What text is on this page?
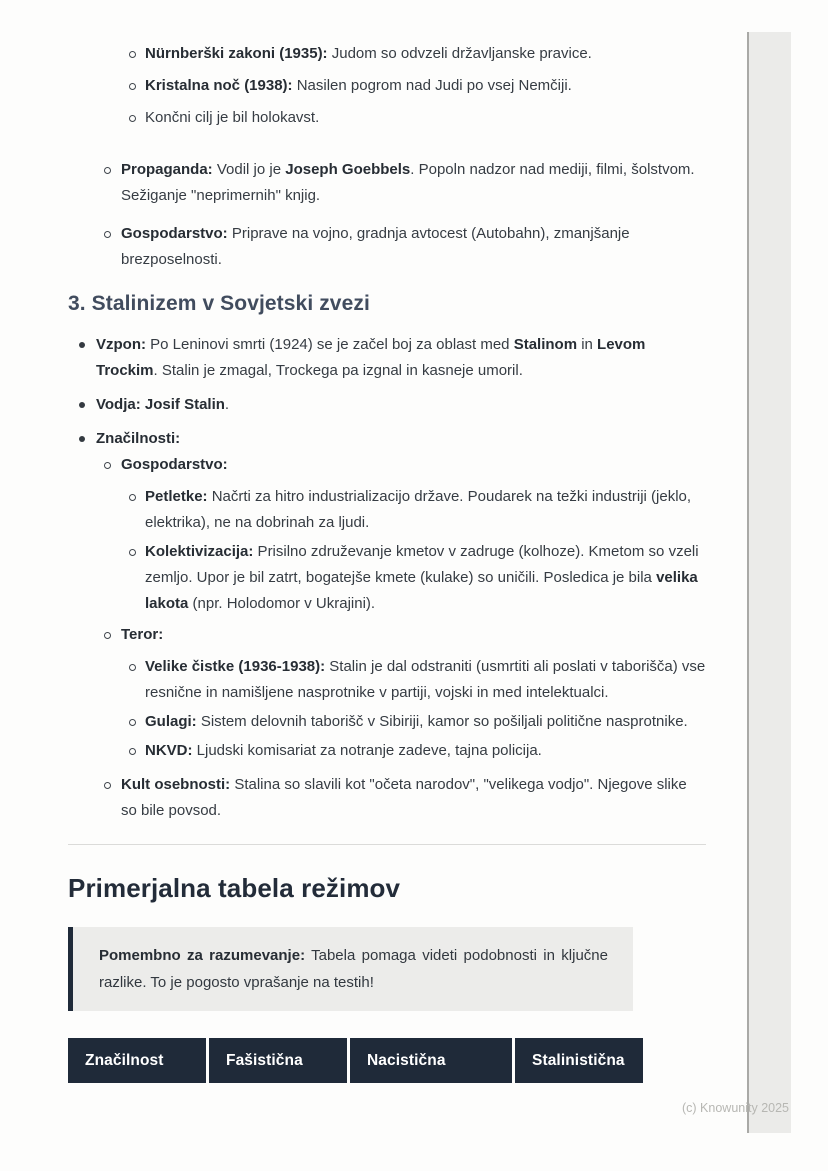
Nürnberški zakoni (1935): Judom so odvzeli državljanske pravice.
Kristalna noč (1938): Nasilen pogrom nad Judi po vsej Nemčiji.
Končni cilj je bil holokavst.
Propaganda: Vodil jo je Joseph Goebbels. Popoln nadzor nad mediji, filmi, šolstvom. Sežiganje "neprimernih" knjig.
Gospodarstvo: Priprave na vojno, gradnja avtocest (Autobahn), zmanjšanje brezposelnosti.
3. Stalinizem v Sovjetski zvezi
Vzpon: Po Leninovi smrti (1924) se je začel boj za oblast med Stalinom in Levom Trockim. Stalin je zmagal, Trockega pa izgnal in kasneje umoril.
Vodja: Josif Stalin.
Značilnosti:
Gospodarstvo:
Petletke: Načrti za hitro industrializacijo države. Poudarek na težki industriji (jeklo, elektrika), ne na dobrinah za ljudi.
Kolektivizacija: Prisilno združevanje kmetov v zadruge (kolhoze). Kmetom so vzeli zemljo. Upor je bil zatrt, bogatejše kmete (kulake) so uničili. Posledica je bila velika lakota (npr. Holodomor v Ukrajini).
Teror:
Velike čistke (1936-1938): Stalin je dal odstraniti (usmrtiti ali poslati v taborišča) vse resnične in namišljene nasprotnike v partiji, vojski in med intelektualci.
Gulagi: Sistem delovnih taborišč v Sibiriji, kamor so pošiljali politične nasprotnike.
NKVD: Ljudski komisariat za notranje zadeve, tajna policija.
Kult osebnosti: Stalina so slavili kot "očeta narodov", "velikega vodjo". Njegove slike so bile povsod.
Primerjalna tabela režimov

Pomembno za razumevanje: Tabela pomaga videti podobnosti in ključne razlike. To je pogosto vprašanje na testih!

Značilnost	Fašistična	Nacistična	Stalinistična
(c) Knowunity 2025
